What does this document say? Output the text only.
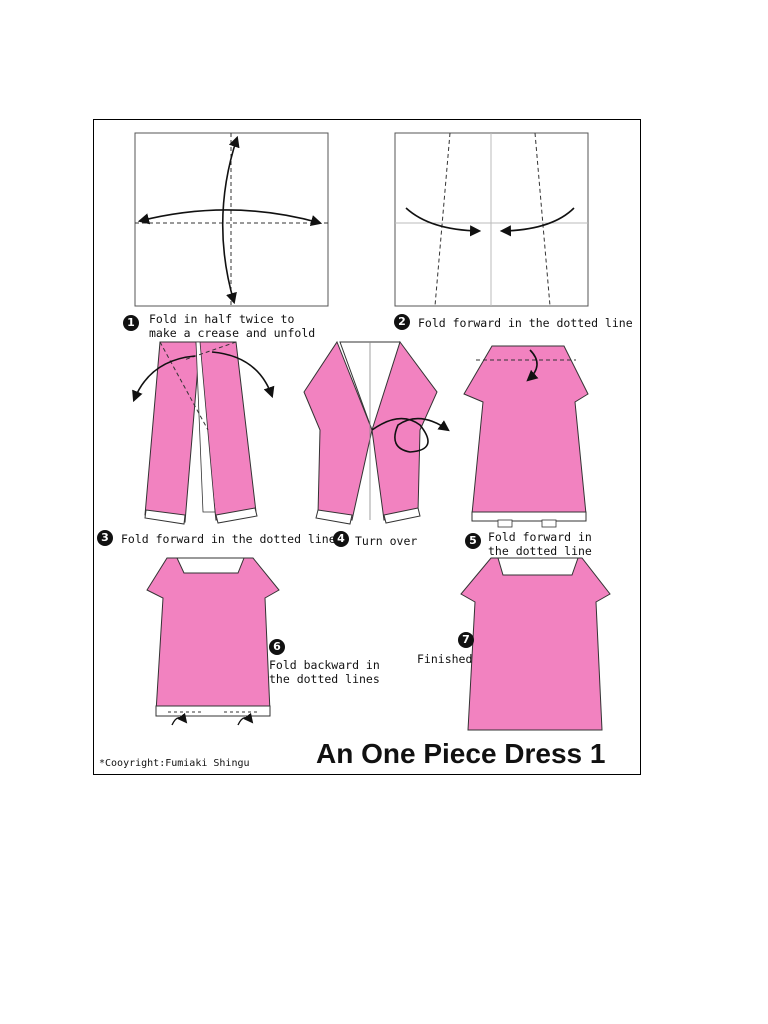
1	2
3	4	5
6
7
Fold in half twice to
make a crease and unfold
Fold forward in the dotted line
Fold forward in the dotted line Turn over	Fold forward in
the dotted line
Fold backward in
the dotted lines
Finished
An One Piece Dress 1
*Cooyright:Fumiaki Shingu
